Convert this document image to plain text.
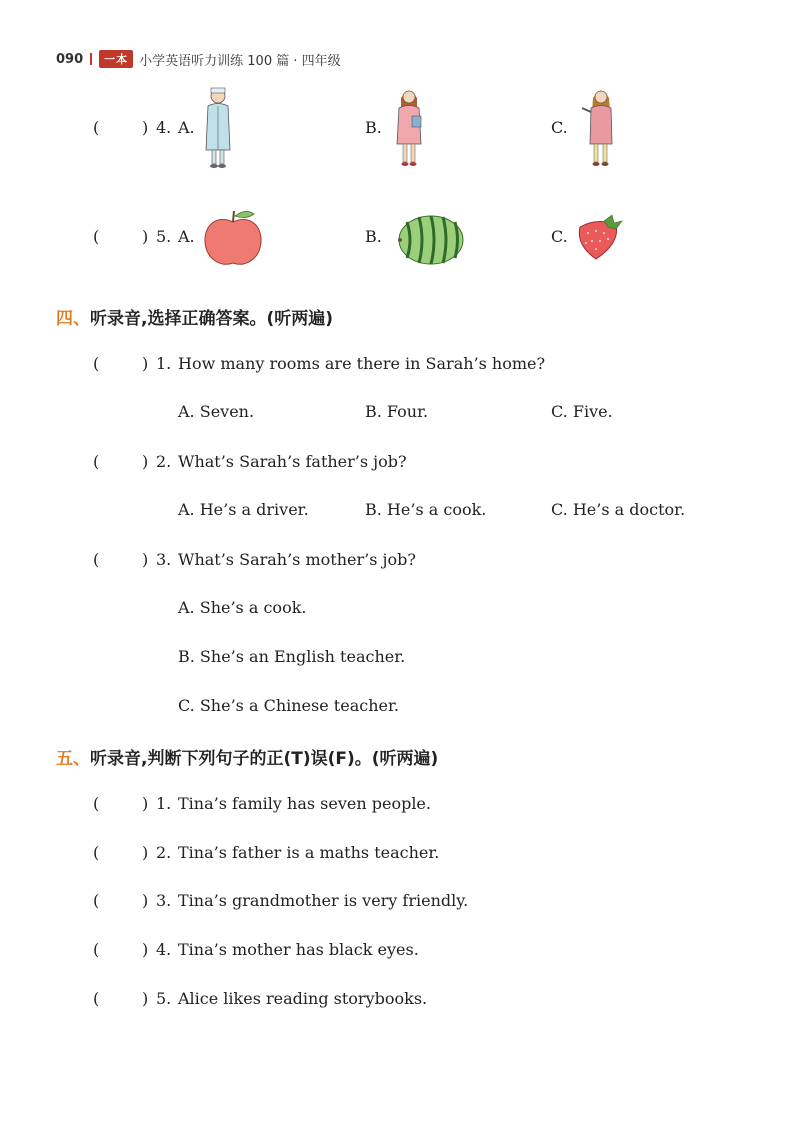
090	一本 小学英语听力训练 100 篇 · 四年级
(	) 4. A.	B.	C.
(	) 5. A.	B.	C.
四、听录音,选择正确答案。(听两遍)
(	) 1. How many rooms are there in Sarah’s home?
A. Seven.	B. Four.	C. Five.
(	) 2. What’s Sarah’s father’s job?
A. He’s a driver.	B. He’s a cook.	C. He’s a doctor.
(	) 3. What’s Sarah’s mother’s job?
A. She’s a cook.
B. She’s an English teacher.
C. She’s a Chinese teacher.
五、听录音,判断下列句子的正(T)误(F)。(听两遍)
(	) 1. Tina’s family has seven people.
(	) 2. Tina’s father is a maths teacher.
(	) 3. Tina’s grandmother is very friendly.
(	) 4. Tina’s mother has black eyes.
(	) 5. Alice likes reading storybooks.
